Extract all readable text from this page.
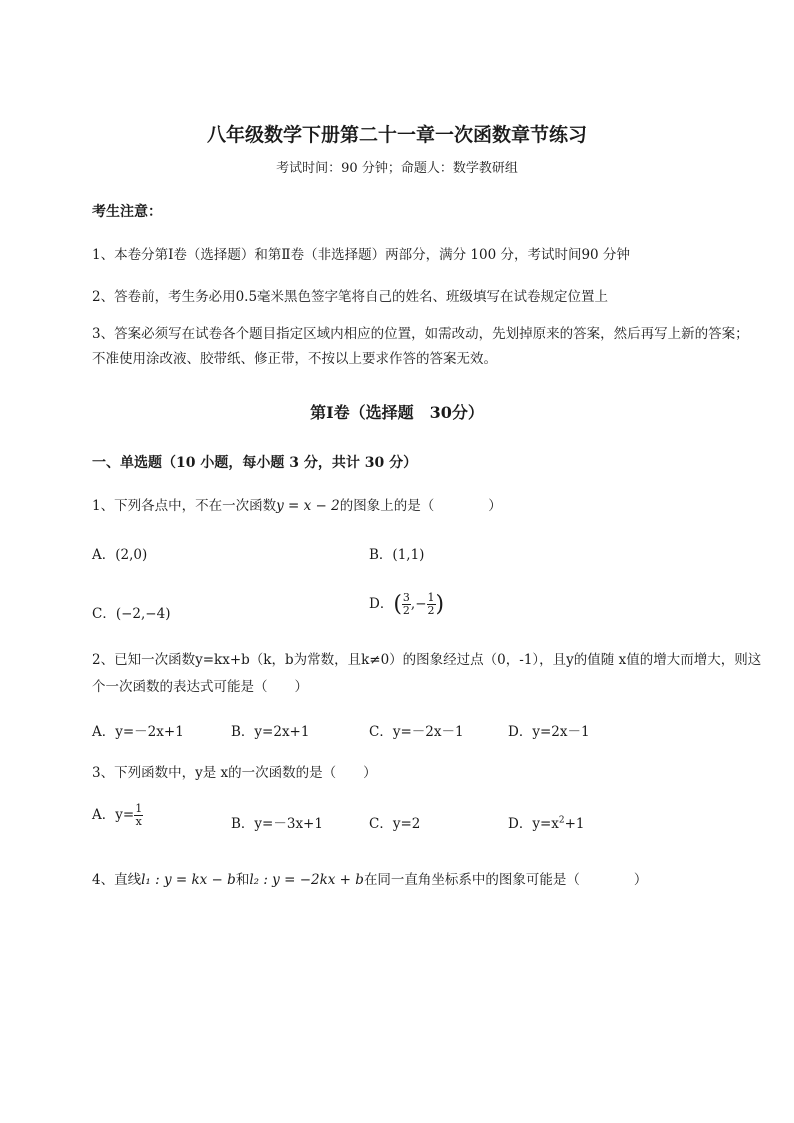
八年级数学下册第二十一章一次函数章节练习
考试时间：90 分钟；命题人：数学教研组
考生注意：
1、本卷分第Ⅰ卷（选择题）和第Ⅱ卷（非选择题）两部分，满分 100 分，考试时间90 分钟
2、答卷前，考生务必用0.5毫米黑色签字笔将自己的姓名、班级填写在试卷规定位置上
3、答案必须写在试卷各个题目指定区域内相应的位置，如需改动，先划掉原来的答案，然后再写上新的答案；不准使用涂改液、胶带纸、修正带，不按以上要求作答的答案无效。
第Ⅰ卷（选择题　30分）
一、单选题（10 小题，每小题 3 分，共计 30 分）
1、下列各点中，不在一次函数y = x − 2的图象上的是（　　　　）
A．(2,0)	B．(1,1)
C．(−2,−4)
D．( $\frac{3}{2}$ ,− $\frac{1}{2}$ )
2、已知一次函数y=kx+b（k，b为常数，且k≠0）的图象经过点（0，-1），且y的值随 x值的增大而增大，则这个一次函数的表达式可能是（　　）
A．y=－2x+1	B．y=2x+1	C．y=－2x－1	D．y=2x－1
3、下列函数中，y是 x的一次函数的是（　　）
A．$y= \frac{1}{x}$	B．y=－3x+1	C．y=2	D．$y=x^2+1$
4、直线l₁ : y = kx − b和l₂ : y = −2kx + b在同一直角坐标系中的图象可能是（　　　　）
